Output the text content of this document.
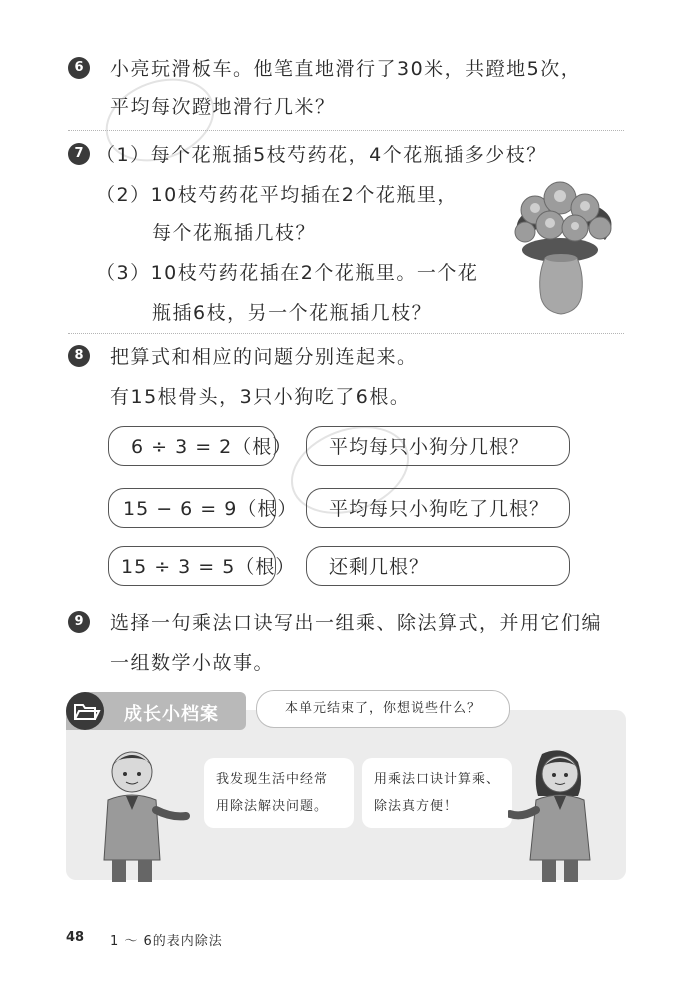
6	小亮玩滑板车。他笔直地滑行了30米，共蹬地5次，
平均每次蹬地滑行几米？
7 （1）每个花瓶插5枝芍药花，4个花瓶插多少枝？
（2）10枝芍药花平均插在2个花瓶里，
每个花瓶插几枝？
（3）10枝芍药花插在2个花瓶里。一个花
瓶插6枝，另一个花瓶插几枝？
8	把算式和相应的问题分别连起来。
有15根骨头，3只小狗吃了6根。
6 ÷ 3 = 2（根）
15 − 6 = 9（根）
15 ÷ 3 = 5（根）
平均每只小狗分几根？
平均每只小狗吃了几根？
还剩几根？
9	选择一句乘法口诀写出一组乘、除法算式，并用它们编
一组数学小故事。
成长小档案	本单元结束了，你想说些什么？
我发现生活中经常
用除法解决问题。
用乘法口诀计算乘、
除法真方便！
48 1 ～ 6的表内除法
